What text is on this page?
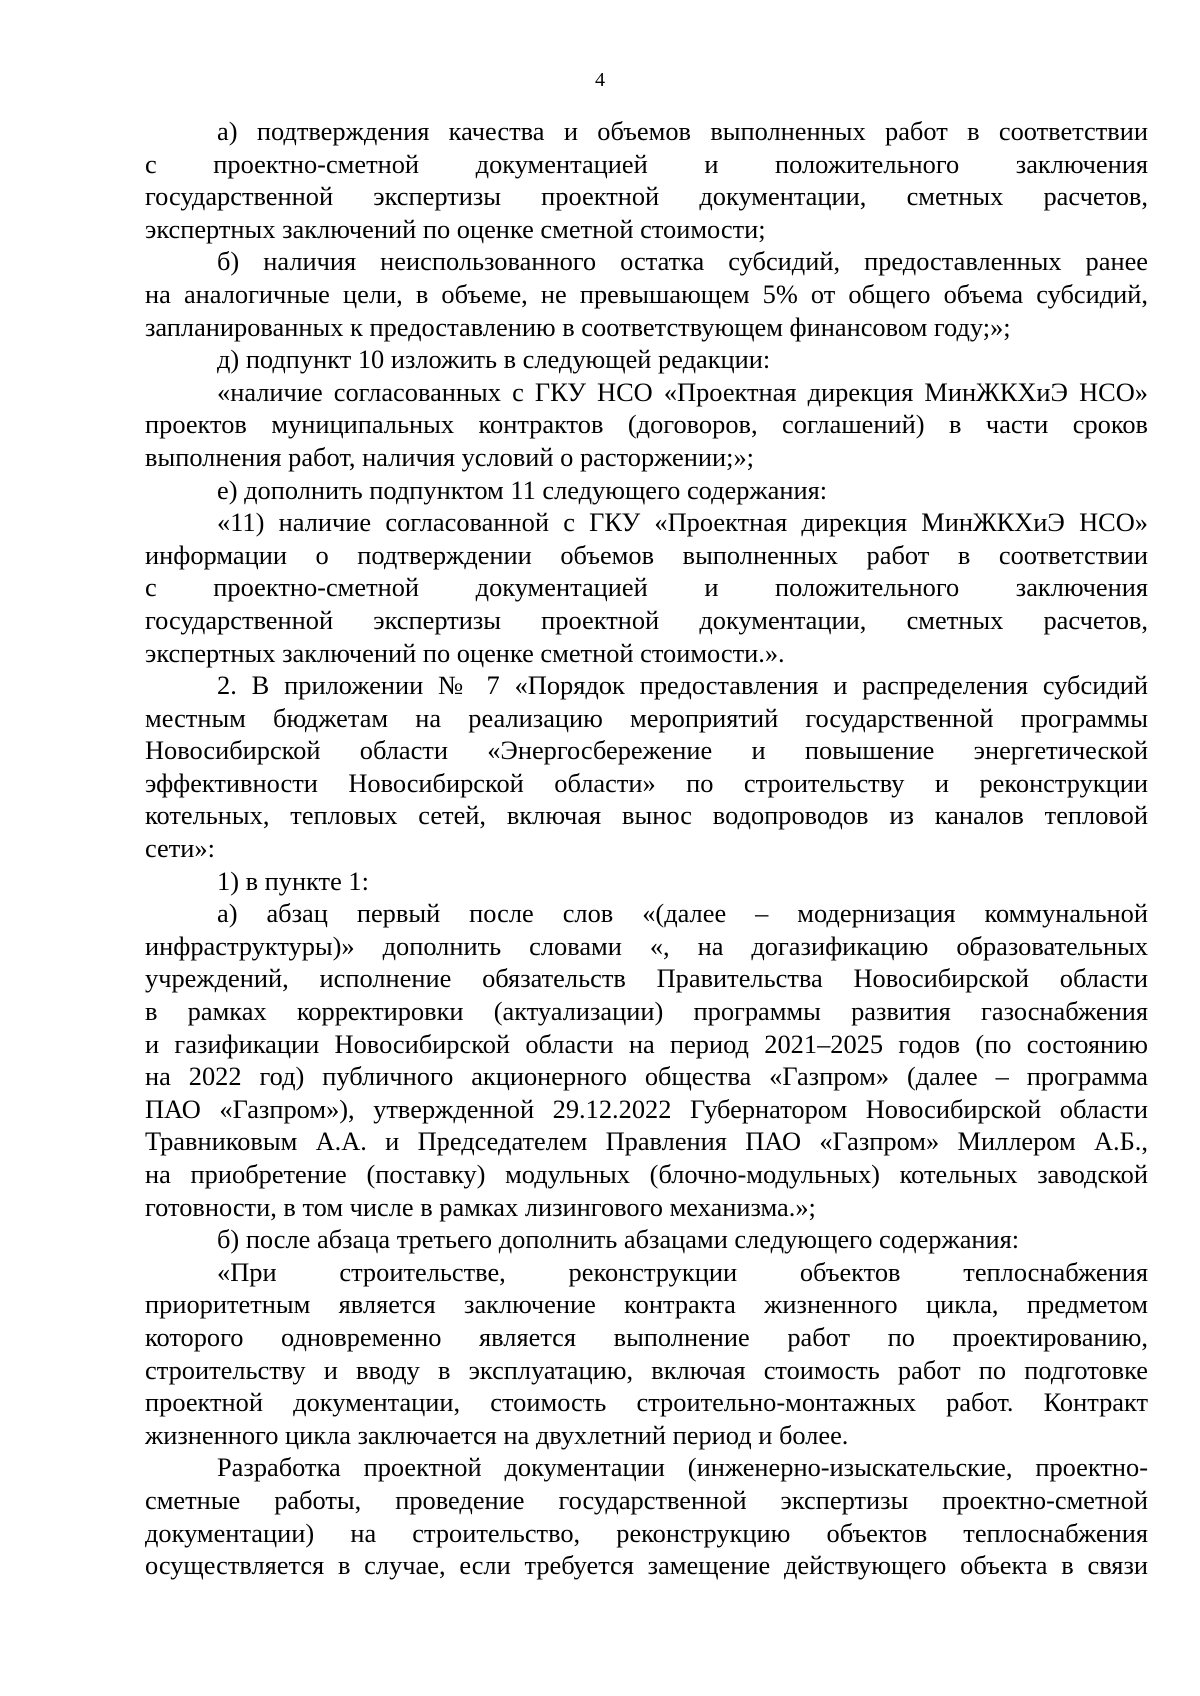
4
а) подтверждения качества и объемов выполненных работ в соответствии
с проектно-сметной документацией и положительного заключения
государственной экспертизы проектной документации, сметных расчетов,
экспертных заключений по оценке сметной стоимости;
б) наличия неиспользованного остатка субсидий, предоставленных ранее
на аналогичные цели, в объеме, не превышающем 5% от общего объема субсидий,
запланированных к предоставлению в соответствующем финансовом году;»;
д) подпункт 10 изложить в следующей редакции:
«наличие согласованных с ГКУ НСО «Проектная дирекция МинЖКХиЭ НСО»
проектов муниципальных контрактов (договоров, соглашений) в части сроков
выполнения работ, наличия условий о расторжении;»;
е) дополнить подпунктом 11 следующего содержания:
«11) наличие согласованной с ГКУ «Проектная дирекция МинЖКХиЭ НСО»
информации о подтверждении объемов выполненных работ в соответствии
с проектно-сметной документацией и положительного заключения
государственной экспертизы проектной документации, сметных расчетов,
экспертных заключений по оценке сметной стоимости.».
2. В приложении № 7 «Порядок предоставления и распределения субсидий
местным бюджетам на реализацию мероприятий государственной программы
Новосибирской области «Энергосбережение и повышение энергетической
эффективности Новосибирской области» по строительству и реконструкции
котельных, тепловых сетей, включая вынос водопроводов из каналов тепловой
сети»:
1) в пункте 1:
а) абзац первый после слов «(далее – модернизация коммунальной
инфраструктуры)» дополнить словами «, на догазификацию образовательных
учреждений, исполнение обязательств Правительства Новосибирской области
в рамках корректировки (актуализации) программы развития газоснабжения
и газификации Новосибирской области на период 2021–2025 годов (по состоянию
на 2022 год) публичного акционерного общества «Газпром» (далее – программа
ПАО «Газпром»), утвержденной 29.12.2022 Губернатором Новосибирской области
Травниковым А.А. и Председателем Правления ПАО «Газпром» Миллером А.Б.,
на приобретение (поставку) модульных (блочно-модульных) котельных заводской
готовности, в том числе в рамках лизингового механизма.»;
б) после абзаца третьего дополнить абзацами следующего содержания:
«При строительстве, реконструкции объектов теплоснабжения
приоритетным является заключение контракта жизненного цикла, предметом
которого одновременно является выполнение работ по проектированию,
строительству и вводу в эксплуатацию, включая стоимость работ по подготовке
проектной документации, стоимость строительно-монтажных работ. Контракт
жизненного цикла заключается на двухлетний период и более.
Разработка проектной документации (инженерно-изыскательские, проектно-
сметные работы, проведение государственной экспертизы проектно-сметной
документации) на строительство, реконструкцию объектов теплоснабжения
осуществляется в случае, если требуется замещение действующего объекта в связи
